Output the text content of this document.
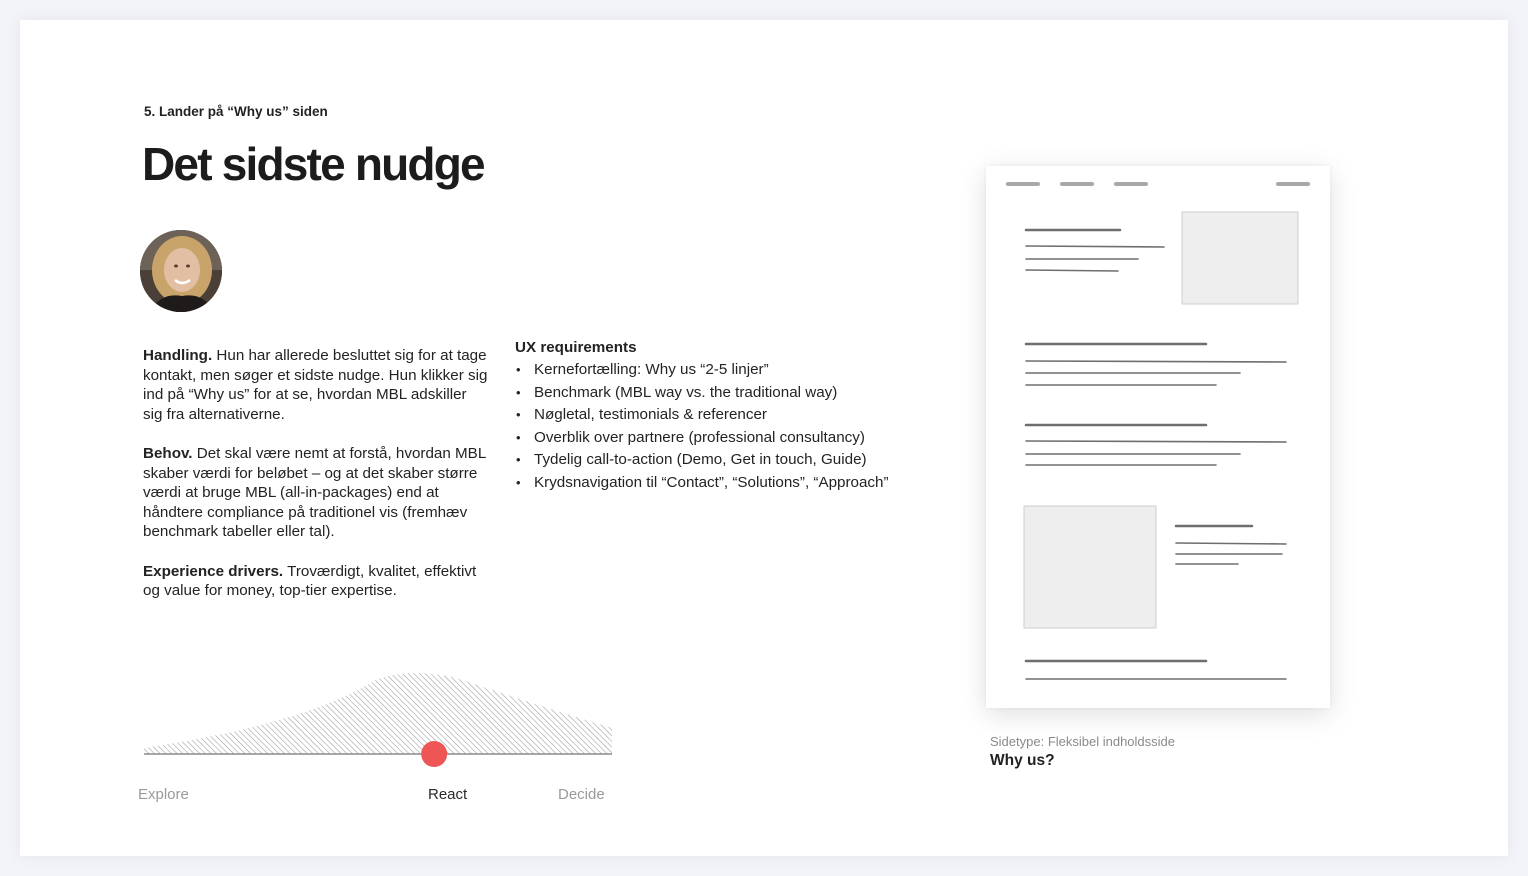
5. Lander på “Why us” siden
Det sidste nudge

Handling. Hun har allerede besluttet sig for at tage kontakt, men søger et sidste nudge. Hun klikker sig ind på “Why us” for at se, hvordan MBL adskiller sig fra alternativerne.

Behov. Det skal være nemt at forstå, hvordan MBL skaber værdi for beløbet – og at det skaber større værdi at bruge MBL (all-in-packages) end at håndtere compliance på traditionel vis (fremhæv benchmark tabeller eller tal).

Experience drivers. Troværdigt, kvalitet, effektivt og value for money, top-tier expertise.

UX requirements
• Kernefortælling: Why us “2-5 linjer”
• Benchmark (MBL way vs. the traditional way)
• Nøgletal, testimonials & referencer
• Overblik over partnere (professional consultancy)
• Tydelig call-to-action (Demo, Get in touch, Guide)
• Krydsnavigation til “Contact”, “Solutions”, “Approach”
Explore	React	Decide
Sidetype: Fleksibel indholdsside
Why us?
